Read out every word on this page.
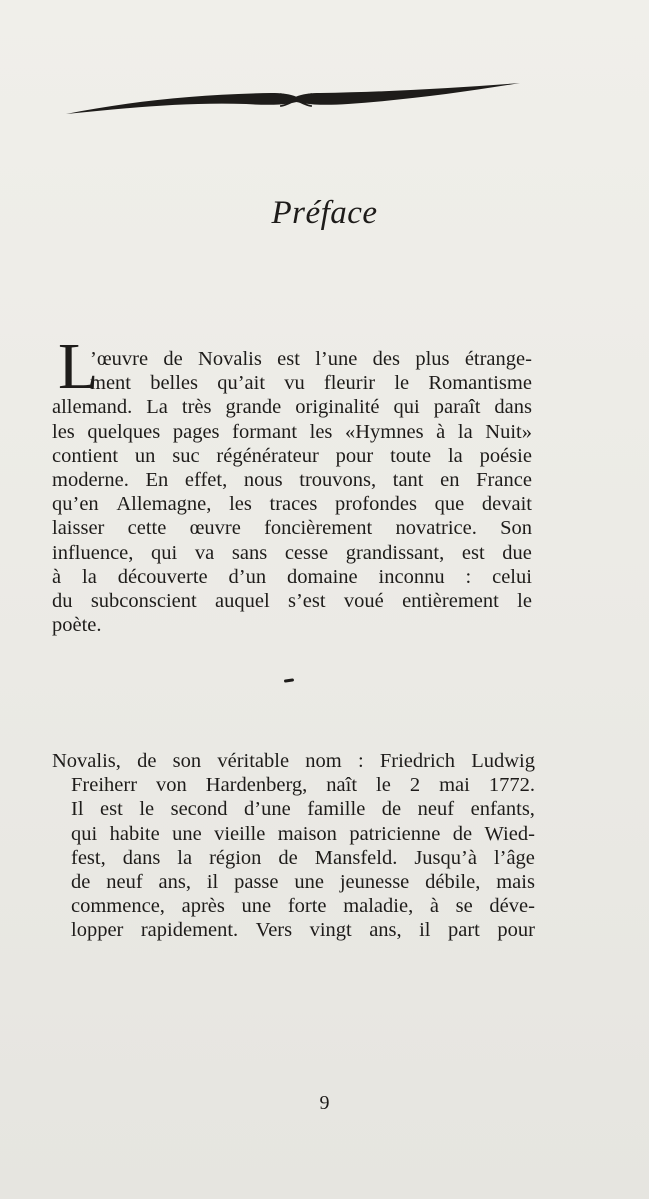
Préface
L
’œuvre de Novalis est l’une des plus étrange-
ment belles qu’ait vu fleurir le Romantisme
allemand. La très grande originalité qui paraît dans
les quelques pages formant les «Hymnes à la Nuit»
contient un suc régénérateur pour toute la poésie
moderne. En effet, nous trouvons, tant en France
qu’en Allemagne, les traces profondes que devait
laisser cette œuvre foncièrement novatrice. Son
influence, qui va sans cesse grandissant, est due
à la découverte d’un domaine inconnu : celui
du subconscient auquel s’est voué entièrement le
poète.
Novalis, de son véritable nom : Friedrich Ludwig
Freiherr von Hardenberg, naît le 2 mai 1772.
Il est le second d’une famille de neuf enfants,
qui habite une vieille maison patricienne de Wied-
fest, dans la région de Mansfeld. Jusqu’à l’âge
de neuf ans, il passe une jeunesse débile, mais
commence, après une forte maladie, à se déve-
lopper rapidement. Vers vingt ans, il part pour
9
